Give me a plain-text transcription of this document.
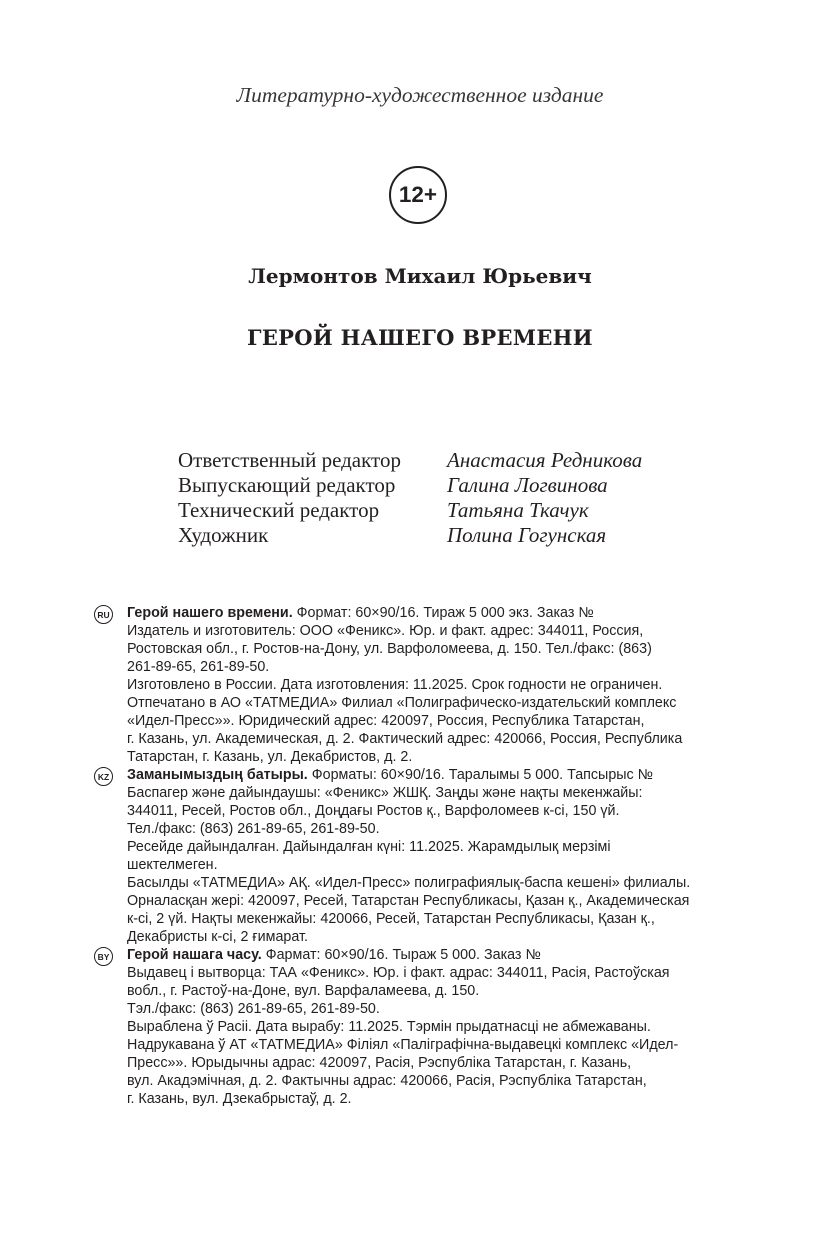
Литературно-художественное издание
12+
Лермонтов Михаил Юрьевич
ГЕРОЙ НАШЕГО ВРЕМЕНИ
Ответственный редактор Анастасия Редникова
Выпускающий редактор Галина Логвинова
Технический редактор	Татьяна Ткачук
Художник	Полина Гогунская
RU Герой нашего времени. Формат: 60×90/16. Тираж 5 000 экз. Заказ №
Издатель и изготовитель: ООО «Феникс». Юр. и факт. адрес: 344011, Россия,
Ростовская обл., г. Ростов-на-Дону, ул. Варфоломеева, д. 150. Тел./факс: (863)
261-89-65, 261-89-50.
Изготовлено в России. Дата изготовления: 11.2025. Срок годности не ограничен.
Отпечатано в АО «ТАТМЕДИА» Филиал «Полиграфическо-издательский комплекс
«Идел-Пресс»». Юридический адрес: 420097, Россия, Республика Татарстан,
г. Казань, ул. Академическая, д. 2. Фактический адрес: 420066, Россия, Республика
Татарстан, г. Казань, ул. Декабристов, д. 2.
KZ Заманымыздың батыры. Форматы: 60×90/16. Таралымы 5 000. Тапсырыс №
Баспагер және дайындаушы: «Феникс» ЖШҚ. Заңды және нақты мекенжайы:
344011, Ресей, Ростов обл., Доңдағы Ростов қ., Варфоломеев к-сі, 150 үй.
Тел./факс: (863) 261-89-65, 261-89-50.
Ресейде дайындалған. Дайындалған күні: 11.2025. Жарамдылық мерзімі
шектелмеген.
Басылды «ТАТМЕДИА» АҚ. «Идел-Пресс» полиграфиялық-баспа кешені» филиалы.
Орналасқан жері: 420097, Ресей, Татарстан Республикасы, Қазан қ., Академическая
к-сі, 2 үй. Нақты мекенжайы: 420066, Ресей, Татарстан Республикасы, Қазан қ.,
Декабристы к-сі, 2 ғимарат.
BY Герой нашага часу. Фармат: 60×90/16. Тыраж 5 000. Заказ №
Выдавец і вытворца: ТАА «Феникс». Юр. і факт. адрас: 344011, Расія, Растоўская
вобл., г. Растоў-на-Доне, вул. Варфаламеева, д. 150.
Тэл./факс: (863) 261-89-65, 261-89-50.
Выраблена ў Расіі. Дата вырабу: 11.2025. Тэрмін прыдатнасці не абмежаваны.
Надрукавана ў АТ «ТАТМЕДИА» Філіял «Паліграфічна-выдавецкі комплекс «Идел-
Пресс»». Юрыдычны адрас: 420097, Расія, Рэспубліка Татарстан, г. Казань,
вул. Акадэмічная, д. 2. Фактычны адрас: 420066, Расія, Рэспубліка Татарстан,
г. Казань, вул. Дзекабрыстаў, д. 2.
